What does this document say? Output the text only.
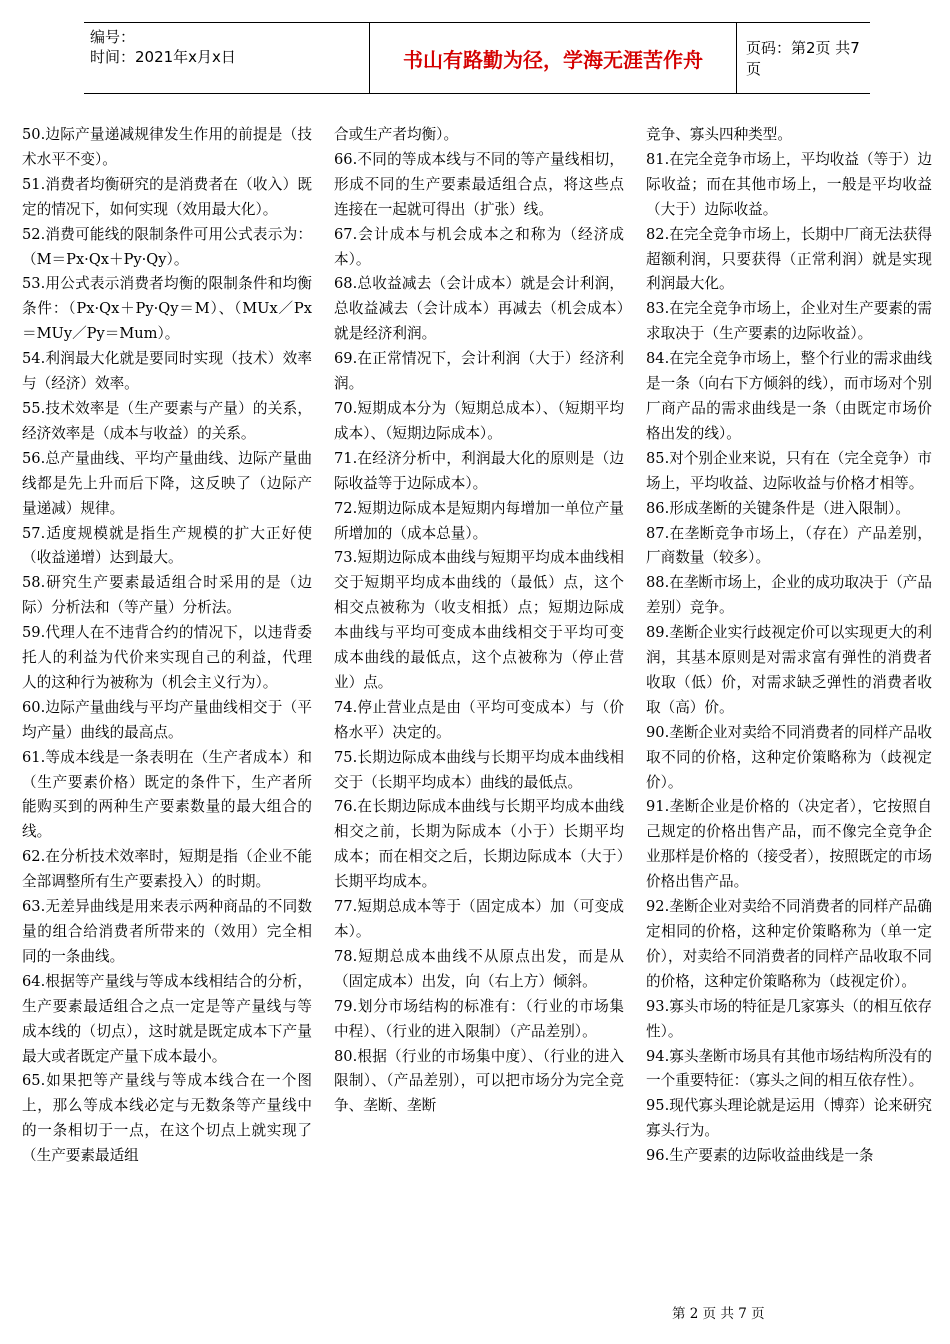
编号：
时间：2021年x月x日	书山有路勤为径，学海无涯苦作舟	页码：第2页 共7页

50.边际产量递减规律发生作用的前提是（技术水平不变）。

51.消费者均衡研究的是消费者在（收入）既定的情况下，如何实现（效用最大化）。

52.消费可能线的限制条件可用公式表示为：（M＝Px·Qx＋Py·Qy）。

53.用公式表示消费者均衡的限制条件和均衡条件：（Px·Qx＋Py·Qy＝M）、（MUx／Px＝MUy／Py＝Mum）。

54.利润最大化就是要同时实现（技术）效率与（经济）效率。

55.技术效率是（生产要素与产量）的关系，经济效率是（成本与收益）的关系。

56.总产量曲线、平均产量曲线、边际产量曲线都是先上升而后下降，这反映了（边际产量递减）规律。

57.适度规模就是指生产规模的扩大正好使（收益递增）达到最大。

58.研究生产要素最适组合时采用的是（边际）分析法和（等产量）分析法。

59.代理人在不违背合约的情况下，以违背委托人的利益为代价来实现自己的利益，代理人的这种行为被称为（机会主义行为）。

60.边际产量曲线与平均产量曲线相交于（平均产量）曲线的最高点。

61.等成本线是一条表明在（生产者成本）和（生产要素价格）既定的条件下，生产者所能购买到的两种生产要素数量的最大组合的线。

62.在分析技术效率时，短期是指（企业不能全部调整所有生产要素投入）的时期。

63.无差异曲线是用来表示两种商品的不同数量的组合给消费者所带来的（效用）完全相同的一条曲线。

64.根据等产量线与等成本线相结合的分析，生产要素最适组合之点一定是等产量线与等成本线的（切点），这时就是既定成本下产量最大或者既定产量下成本最小。

65.如果把等产量线与等成本线合在一个图上，那么等成本线必定与无数条等产量线中的一条相切于一点，在这个切点上就实现了（生产要素最适组

合或生产者均衡）。

66.不同的等成本线与不同的等产量线相切，形成不同的生产要素最适组合点，将这些点连接在一起就可得出（扩张）线。

67.会计成本与机会成本之和称为（经济成本）。

68.总收益减去（会计成本）就是会计利润，总收益减去（会计成本）再减去（机会成本）　　　　就是经济利润。

69.在正常情况下，会计利润（大于）经济利润。

70.短期成本分为（短期总成本）、（短期平均成本）、（短期边际成本）。

71.在经济分析中，利润最大化的原则是（边际收益等于边际成本）。

72.短期边际成本是短期内每增加一单位产量所增加的（成本总量）。

73.短期边际成本曲线与短期平均成本曲线相交于短期平均成本曲线的（最低）点，这个相交点被称为（收支相抵）点；短期边际成本曲线与平均可变成本曲线相交于平均可变成本曲线的最低点，这个点被称为（停止营业）点。

74.停止营业点是由（平均可变成本）与（价格水平）决定的。

75.长期边际成本曲线与长期平均成本曲线相交于（长期平均成本）曲线的最低点。

76.在长期边际成本曲线与长期平均成本曲线相交之前，长期为际成本（小于）长期平均成本；而在相交之后，长期边际成本（大于）长期平均成本。

77.短期总成本等于（固定成本）加（可变成本）。

78.短期总成本曲线不从原点出发，而是从（固定成本）出发，向（右上方）倾斜。

79.划分市场结构的标准有：（行业的市场集中程）、（行业的进入限制）（产品差别）。

80.根据（行业的市场集中度）、（行业的进入限制）、（产品差别），可以把市场分为完全竞争、垄断、垄断

竞争、寡头四种类型。

81.在完全竞争市场上，平均收益（等于）边际收益；而在其他市场上，一般是平均收益（大于）边际收益。

82.在完全竞争市场上，长期中厂商无法获得超额利润，只要获得（正常利润）就是实现利润最大化。

83.在完全竞争市场上，企业对生产要素的需求取决于（生产要素的边际收益）。

84.在完全竞争市场上，整个行业的需求曲线是一条（向右下方倾斜的线），而市场对个别厂商产品的需求曲线是一条（由既定市场价格出发的线）。

85.对个别企业来说，只有在（完全竞争）市场上，平均收益、边际收益与价格才相等。

86.形成垄断的关键条件是（进入限制）。

87.在垄断竞争市场上，（存在）产品差别，厂商数量（较多）。

88.在垄断市场上，企业的成功取决于（产品差别）竞争。

89.垄断企业实行歧视定价可以实现更大的利润，其基本原则是对需求富有弹性的消费者收取（低）价，对需求缺乏弹性的消费者收取（高）价。

90.垄断企业对卖给不同消费者的同样产品收取不同的价格，这种定价策略称为（歧视定价）。

91.垄断企业是价格的（决定者），它按照自己规定的价格出售产品，而不像完全竞争企业那样是价格的（接受者），按照既定的市场价格出售产品。

92.垄断企业对卖给不同消费者的同样产品确定相同的价格，这种定价策略称为（单一定价），对卖给不同消费者的同样产品收取不同的价格，这种定价策略称为（歧视定价）。

93.寡头市场的特征是几家寡头（的相互依存性）。

94.寡头垄断市场具有其他市场结构所没有的一个重要特征：（寡头之间的相互依存性）。

95.现代寡头理论就是运用（博弈）论来研究寡头行为。

96.生产要素的边际收益曲线是一条

第 2 页 共 7 页
